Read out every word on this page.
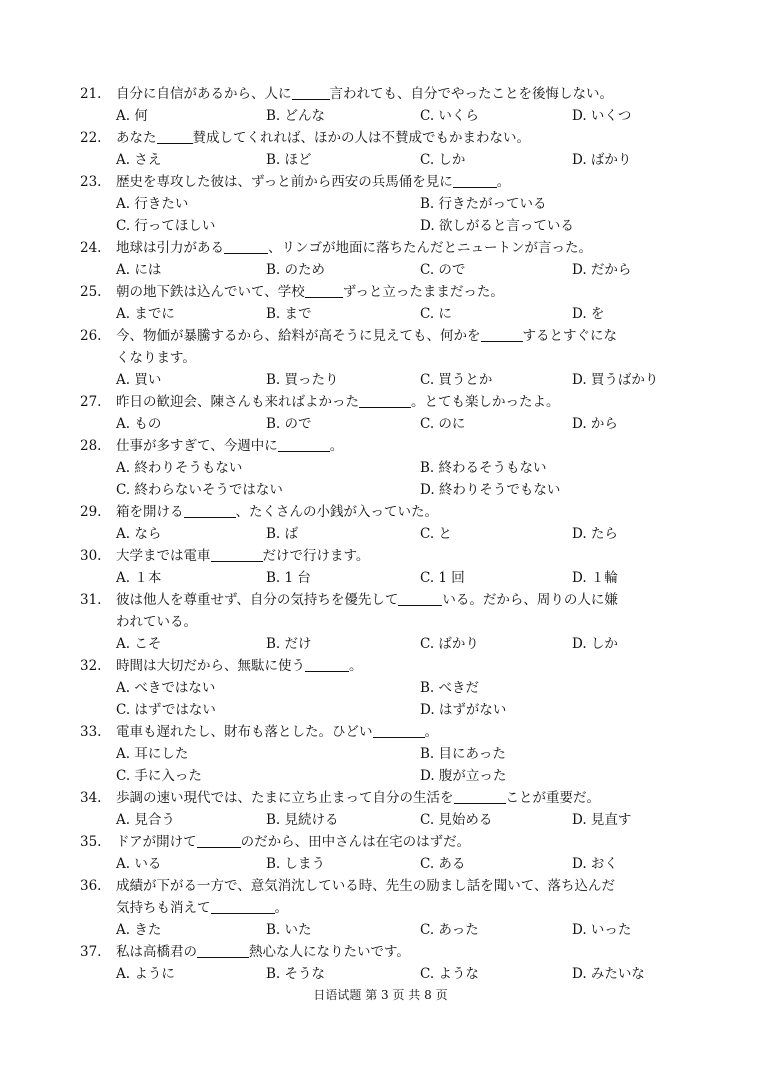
21. 自分に自信があるから、人に	言われても、自分でやったことを後悔しない。
A. 何	B. どんな	C. いくら	D. いくつ
22. あなた	賛成してくれれば、ほかの人は不賛成でもかまわない。
A. さえ	B. ほど	C. しか	D. ばかり
23. 歴史を専攻した彼は、ずっと前から西安の兵馬俑を見に	。
A. 行きたい	B. 行きたがっている
C. 行ってほしい	D. 欲しがると言っている
24. 地球は引力がある	、リンゴが地面に落ちたんだとニュートンが言った。
A. には	B. のため	C. ので	D. だから
25. 朝の地下鉄は込んでいて、学校	ずっと立ったままだった。
A. までに	B. まで	C. に	D. を
26. 今、物価が暴騰するから、給料が高そうに見えても、何かを	するとすぐにな
くなります。
A. 買い	B. 買ったり	C. 買うとか	D. 買うばかり
27. 昨日の歓迎会、陳さんも来ればよかった	。とても楽しかったよ。
A. もの	B. ので	C. のに	D. から
28. 仕事が多すぎて、今週中に	。
A. 終わりそうもない	B. 終わるそうもない
C. 終わらないそうではない	D. 終わりそうでもない
29. 箱を開ける	、たくさんの小銭が入っていた。
A. なら	B. ば	C. と	D. たら
30. 大学までは電車	だけで行けます。
A. １本	B. 1 台	C. 1 回	D. １輪
31. 彼は他人を尊重せず、自分の気持ちを優先して	いる。だから、周りの人に嫌
われている。
A. こそ	B. だけ	C. ばかり	D. しか
32. 時間は大切だから、無駄に使う	。
A. べきではない	B. べきだ
C. はずではない	D. はずがない
33. 電車も遅れたし、財布も落とした。ひどい	。
A. 耳にした	B. 目にあった
C. 手に入った	D. 腹が立った
34. 歩調の速い現代では、たまに立ち止まって自分の生活を	ことが重要だ。
A. 見合う	B. 見続ける	C. 見始める	D. 見直す
35. ドアが開けて	のだから、田中さんは在宅のはずだ。
A. いる	B. しまう	C. ある	D. おく
36. 成績が下がる一方で、意気消沈している時、先生の励まし話を聞いて、落ち込んだ
気持ちも消えて	。
A. きた	B. いた	C. あった	D. いった
37. 私は高橋君の	熱心な人になりたいです。
A. ように	B. そうな	C. ような	D. みたいな
日语试题 第 3 页 共 8 页
